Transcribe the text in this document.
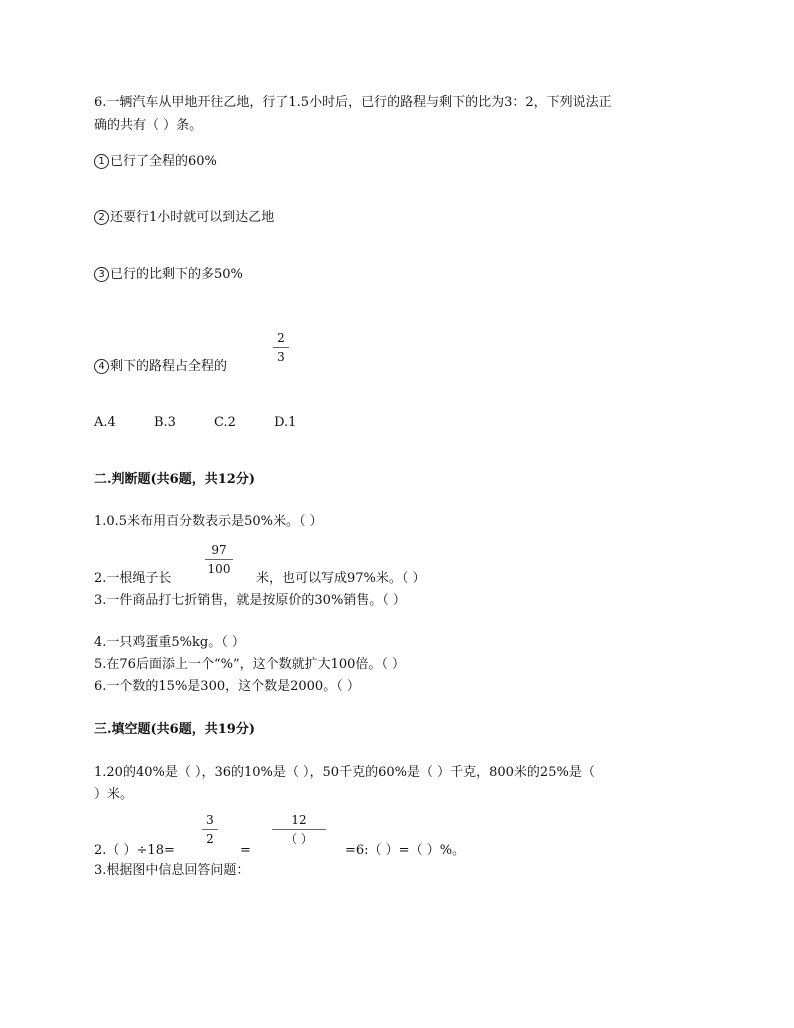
6.一辆汽车从甲地开往乙地，行了1.5小时后，已行的路程与剩下的比为3：2，下列说法正
确的共有（ ）条。
1 已行了全程的60%
2 还要行1小时就可以到达乙地
3 已行的比剩下的多50%
4 剩下的路程占全程的
2
3
A.4	B.3	C.2	D.1
二.判断题(共6题，共12分)
1.0.5米布用百分数表示是50%米。（ ）
2.一根绳子长
97
100
米，也可以写成97%米。（ ）
3.一件商品打七折销售，就是按原价的30%销售。（ ）
4.一只鸡蛋重5%kg。（ ）
5.在76后面添上一个“%”，这个数就扩大100倍。（ ）
6.一个数的15%是300，这个数是2000。（ ）
三.填空题(共6题，共19分)
1.20的40%是（ ），36的10%是（ ），50千克的60%是（ ）千克，800米的25%是（
）米。
2.（ ）÷18=
3
2
=
12
（ ）
=6:（ ）=（ ）%。
3.根据图中信息回答问题：
